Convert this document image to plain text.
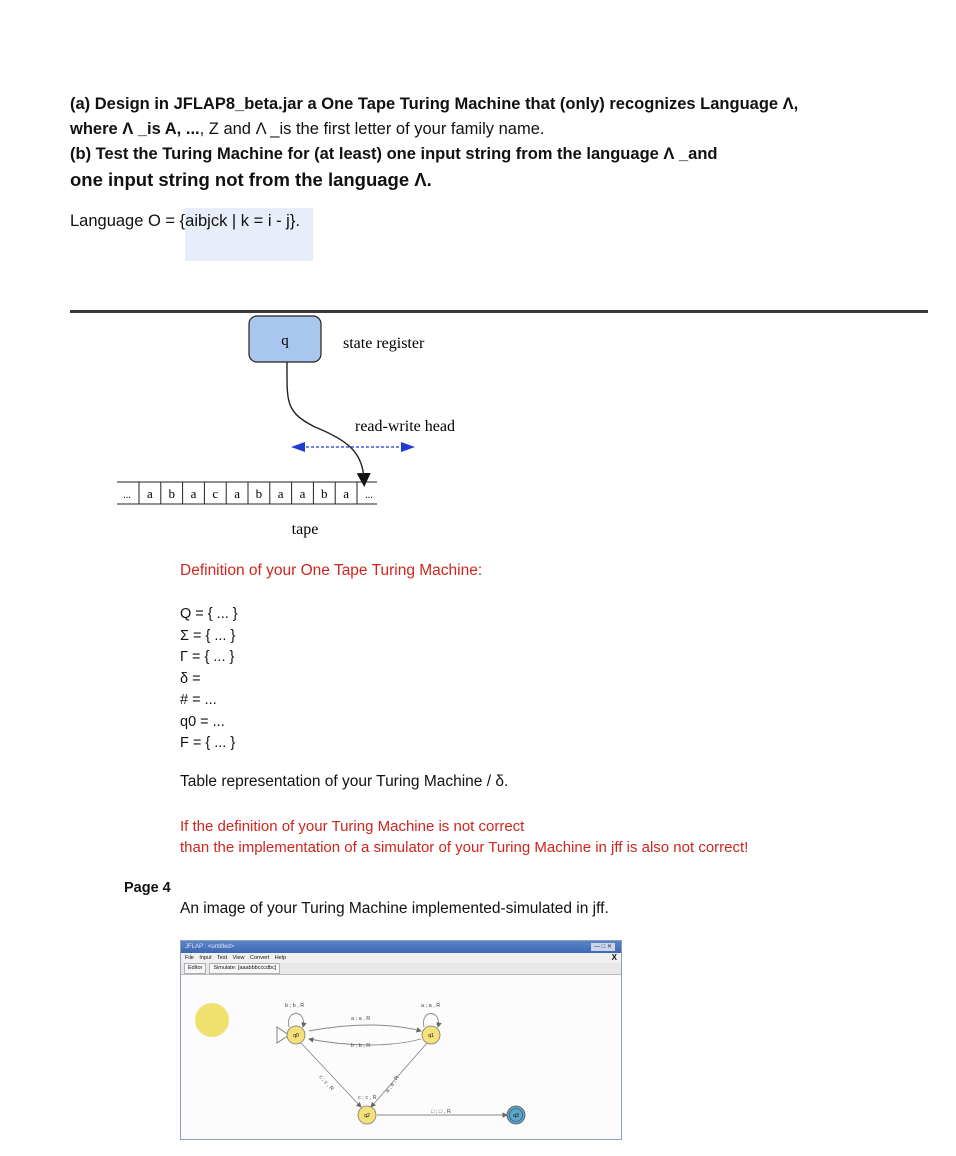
(a) Design in JFLAP8_beta.jar a One Tape Turing Machine that (only) recognizes Language Λ,
where Λ _is A, ..., Z and Λ _is the first letter of your family name.
(b) Test the Turing Machine for (at least) one input string from the language Λ _and
one input string not from the language Λ.
Language O = {aibjck | k = i - j}.
q	state register
read-write head
... a b a c a b a a b a ...
tape
Definition of your One Tape Turing Machine:
Q = { ... }
Σ = { ... }
Γ = { ... }
δ =
# = ...
q0 = ...
F = { ... }
Table representation of your Turing Machine / δ.
If the definition of your Turing Machine is not correct
than the implementation of a simulator of your Turing Machine in jff is also not correct!
Page 4
An image of your Turing Machine implemented-simulated in jff.
JFLAP : <untitled>	— □ ✕
File Input Test View Convert Help	X
Editor Simulate: [aaabbbcccdbc]
b ; b , R	a ; a , R
a ; a , R
b ; b , R
c ; c , R
c ; c , R
a ; a , R
□ ; □ , R
q0	q1
q2	q3
